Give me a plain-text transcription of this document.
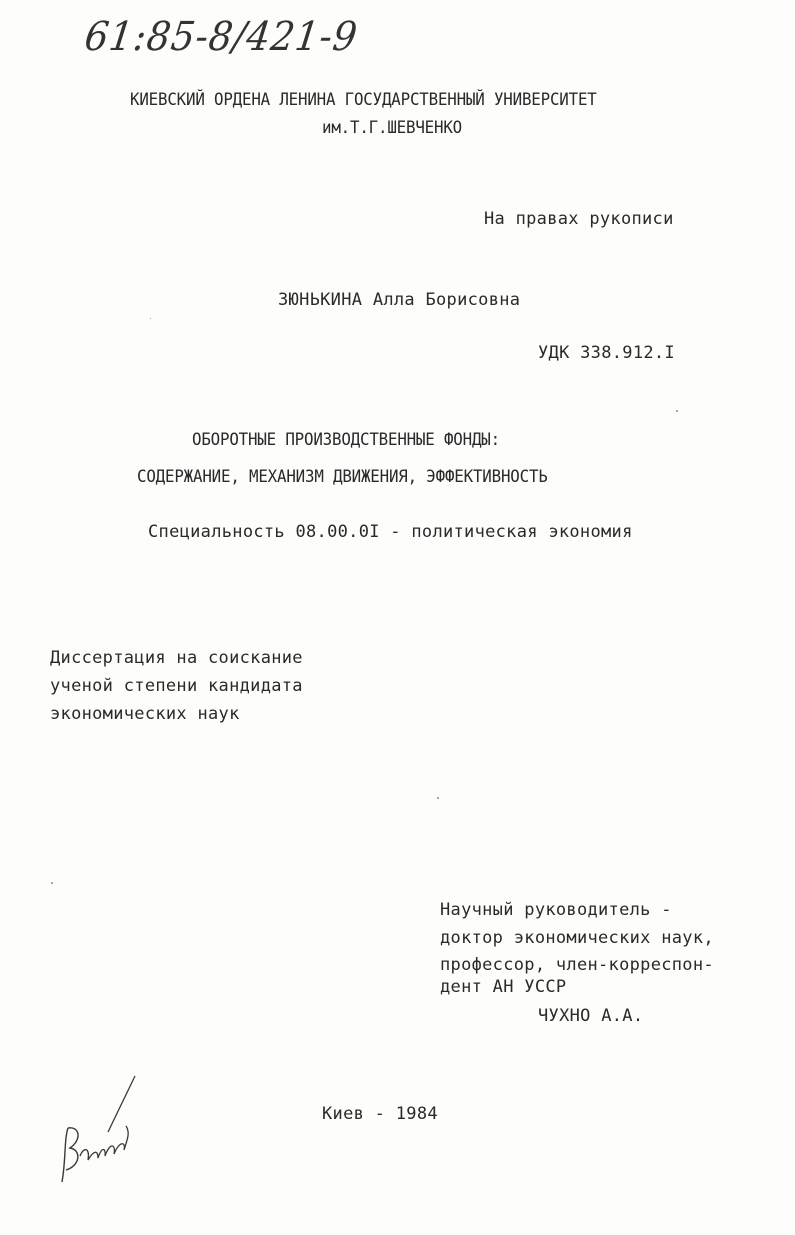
61:85-8/421-9
КИЕВСКИЙ ОРДЕНА ЛЕНИНА ГОСУДАРСТВЕННЫЙ УНИВЕРСИТЕТ
им.Т.Г.ШЕВЧЕНКО
На правах рукописи
ЗЮНЬКИНА Алла Борисовна
УДК 338.912.I
ОБОРОТНЫЕ ПРОИЗВОДСТВЕННЫЕ ФОНДЫ:
СОДЕРЖАНИЕ, МЕХАНИЗМ ДВИЖЕНИЯ, ЭФФЕКТИВНОСТЬ
Специальность 08.00.0I - политическая экономия
Диссертация на соискание
ученой степени кандидата
экономических наук
Научный руководитель -
доктор экономических наук,
профессор, член-корреспон-
дент АН УССР
ЧУХНО А.А.
Киев - 1984
